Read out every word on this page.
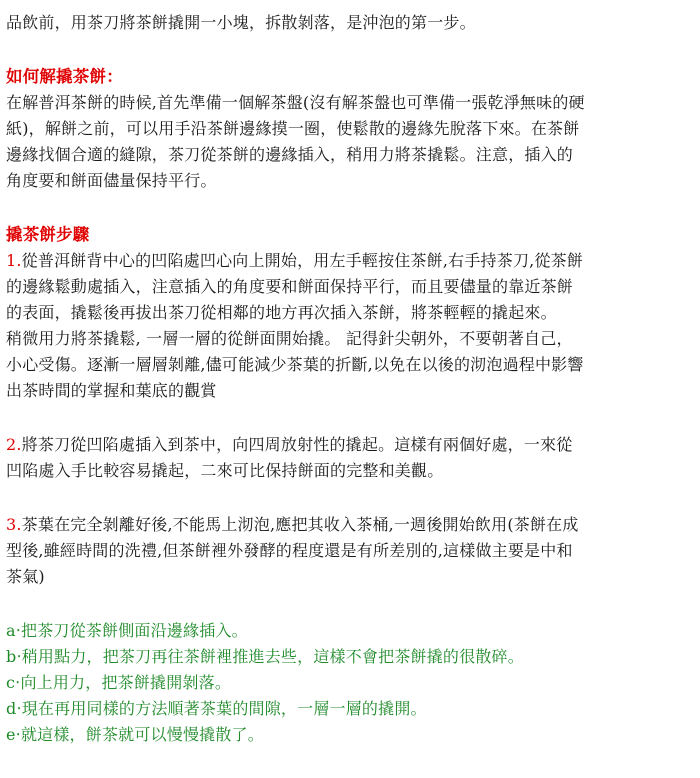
品飲前，用茶刀將茶餅撬開一小塊，拆散剝落，是沖泡的第一步。
如何解撬茶餅：
在解普洱茶餅的時候,首先準備一個解茶盤(沒有解茶盤也可準備一張乾淨無味的硬
紙)，解餅之前，可以用手沿茶餅邊緣摸一圈，使鬆散的邊緣先脫落下來。在茶餅
邊緣找個合適的縫隙，茶刀從茶餅的邊緣插入，稍用力將茶撬鬆。注意，插入的
角度要和餅面儘量保持平行。
撬茶餅步驟
1.從普洱餅背中心的凹陷處凹心向上開始，用左手輕按住茶餅,右手持茶刀,從茶餅
的邊緣鬆動處插入，注意插入的角度要和餅面保持平行，而且要儘量的靠近茶餅
的表面，撬鬆後再拔出茶刀從相鄰的地方再次插入茶餅，將茶輕輕的撬起來。
稍微用力將茶撬鬆, 一層一層的從餅面開始撬。 記得針尖朝外，不要朝著自己，
小心受傷。逐漸一層層剝離,儘可能減少茶葉的折斷,以免在以後的沏泡過程中影響
出茶時間的掌握和葉底的觀賞
2.將茶刀從凹陷處插入到茶中，向四周放射性的撬起。這樣有兩個好處，一來從
凹陷處入手比較容易撬起，二來可比保持餅面的完整和美觀。
3.茶葉在完全剝離好後,不能馬上沏泡,應把其收入茶桶,一週後開始飲用(茶餅在成
型後,雖經時間的洗禮,但茶餅裡外發酵的程度還是有所差別的,這樣做主要是中和
茶氣)
a‧把茶刀從茶餅側面沿邊緣插入。
b‧稍用點力，把茶刀再往茶餅裡推進去些，這樣不會把茶餅撬的很散碎。
c‧向上用力，把茶餅撬開剝落。
d‧現在再用同樣的方法順著茶葉的間隙，一層一層的撬開。
e‧就這樣，餅茶就可以慢慢撬散了。
